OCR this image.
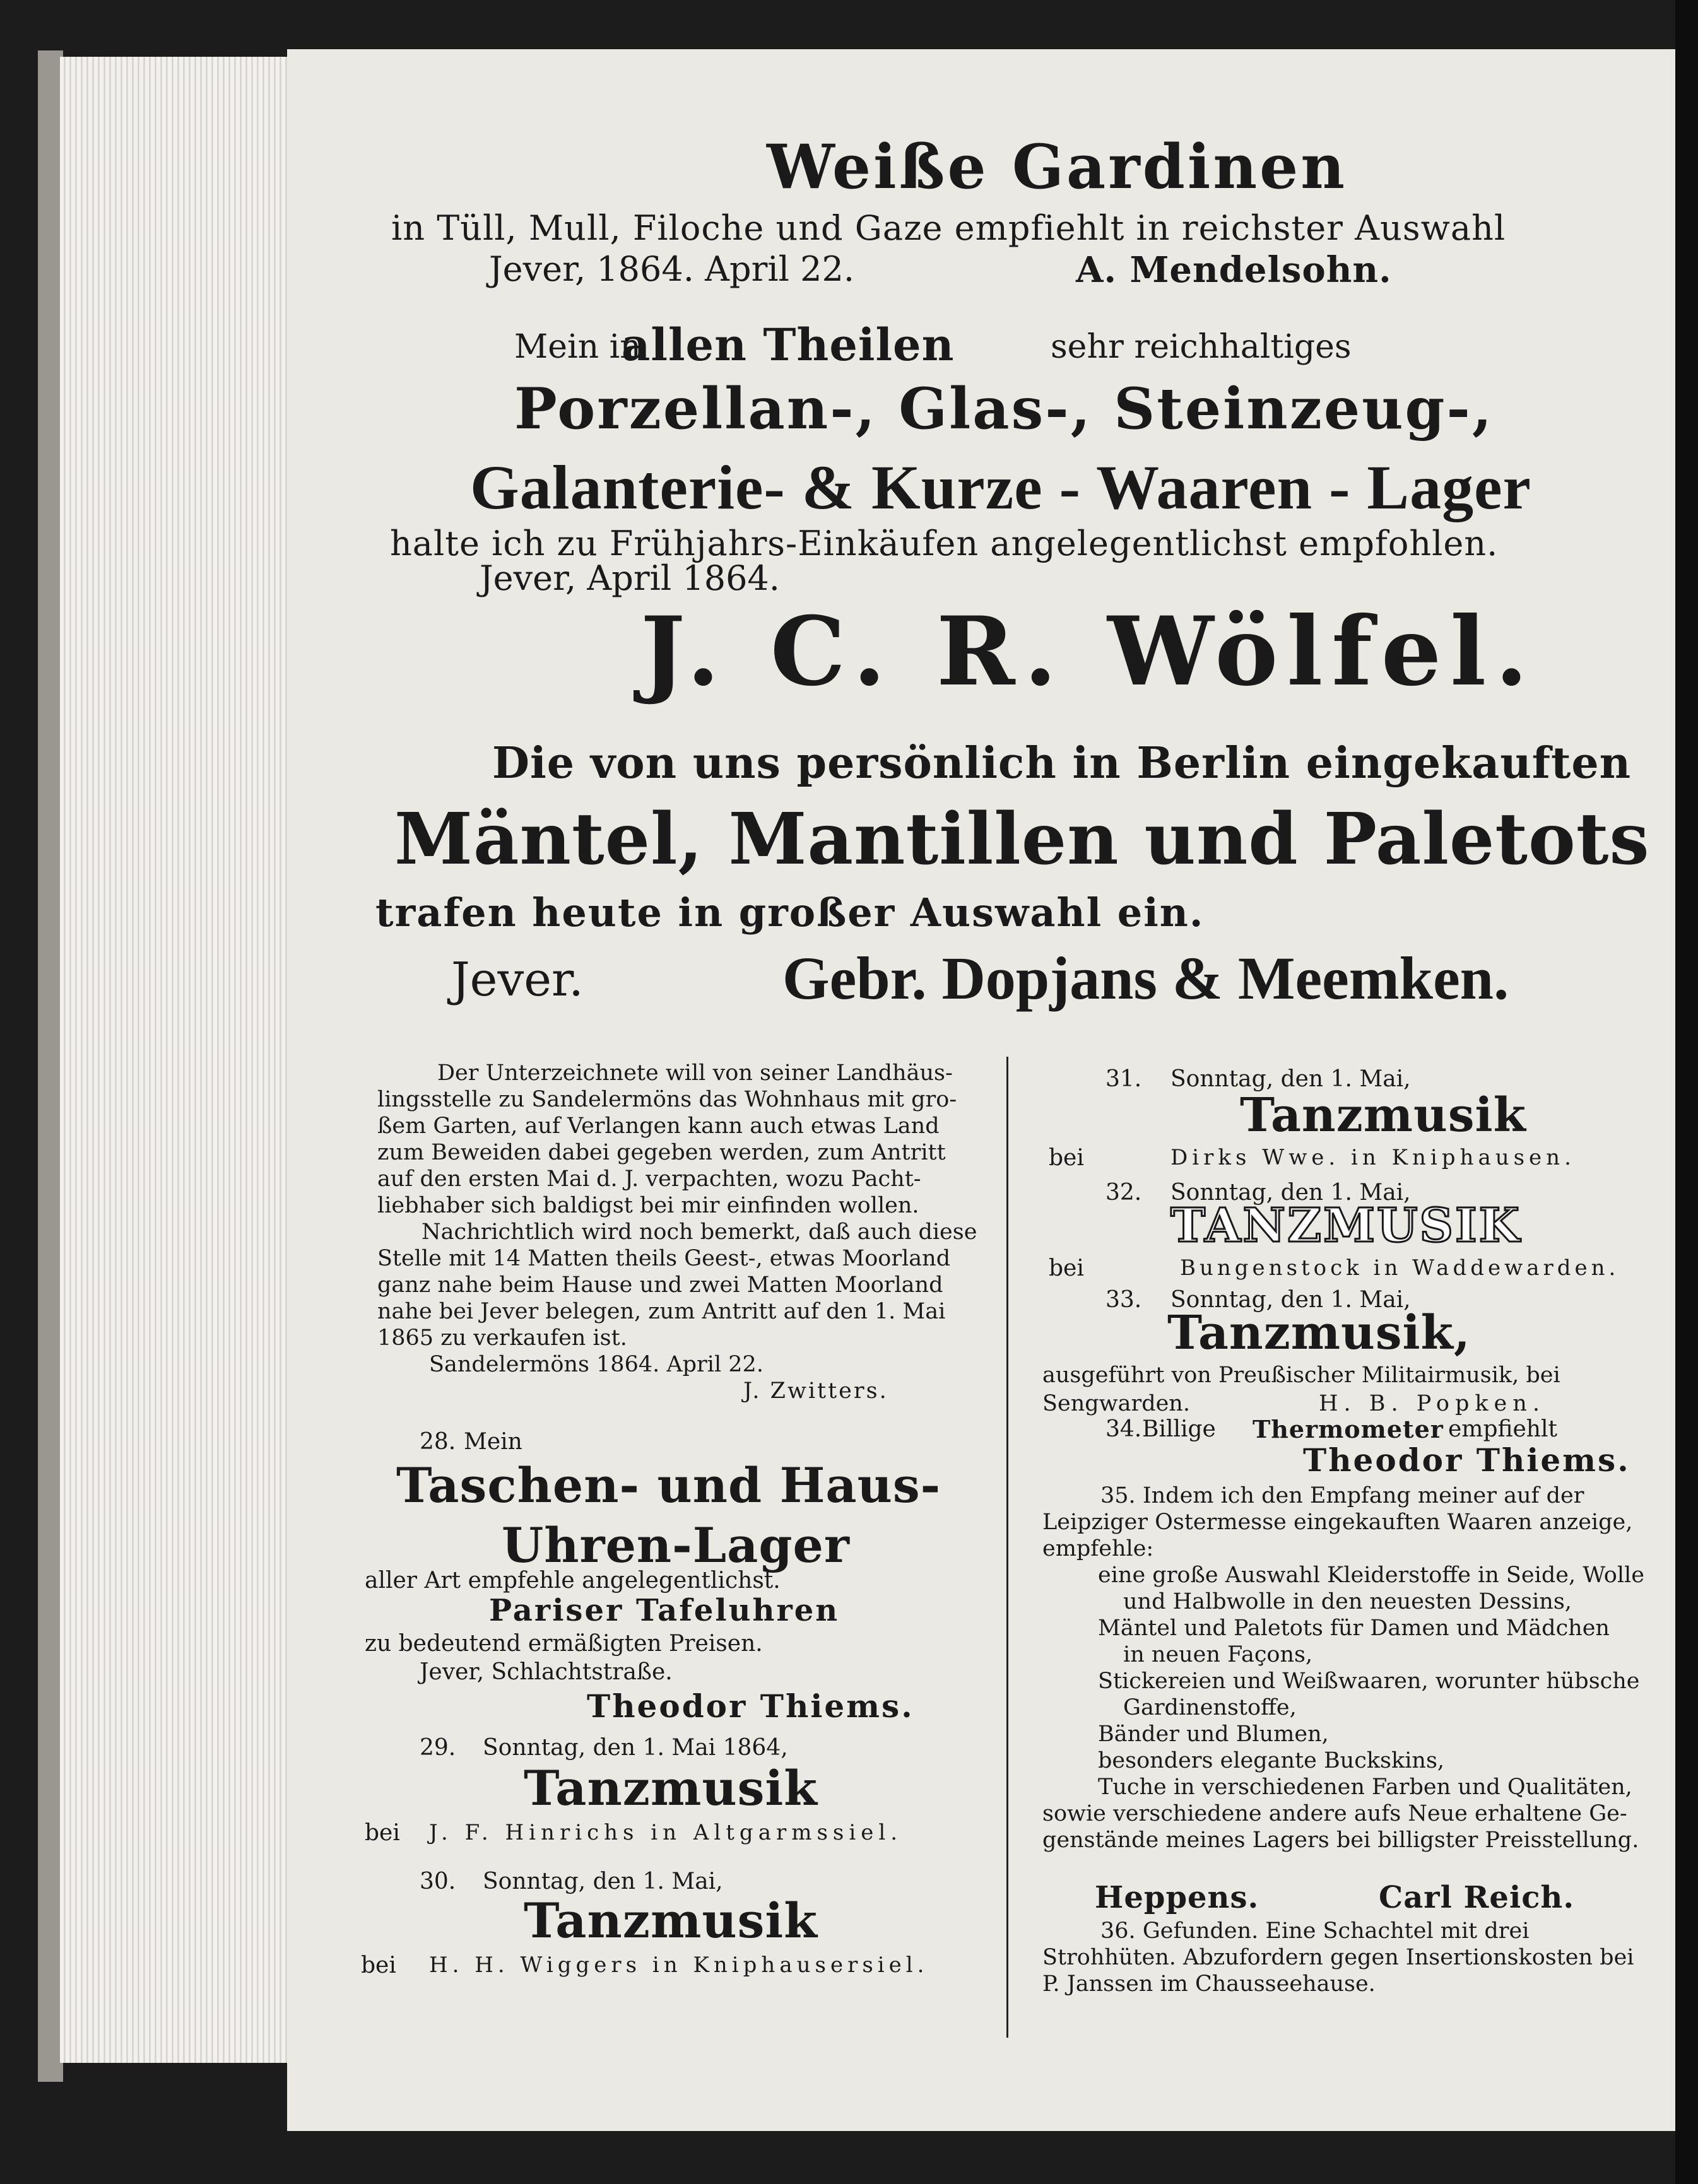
Weiße Gardinen
in Tüll, Mull, Filoche und Gaze empfiehlt in reichster Auswahl
Jever, 1864. April 22.	A. Mendelsohn.
Mein in
allen Theilen	sehr reichhaltiges
Porzellan-, Glas-, Steinzeug-,
Galanterie- & Kurze - Waaren - Lager
halte ich zu Frühjahrs-Einkäufen angelegentlichst empfohlen.
Jever, April 1864.
J. C. R. Wölfel.
Die von uns persönlich in Berlin eingekauften
Mäntel, Mantillen und Paletots
trafen heute in großer Auswahl ein.
Jever.	Gebr. Dopjans & Meemken.
Der Unterzeichnete will von seiner Landhäus-
lingsstelle zu Sandelermöns das Wohnhaus mit gro-
ßem Garten, auf Verlangen kann auch etwas Land
zum Beweiden dabei gegeben werden, zum Antritt
auf den ersten Mai d. J. verpachten, wozu Pacht-
liebhaber sich baldigst bei mir einfinden wollen.
Nachrichtlich wird noch bemerkt, daß auch diese
Stelle mit 14 Matten theils Geest-, etwas Moorland
ganz nahe beim Hause und zwei Matten Moorland
nahe bei Jever belegen, zum Antritt auf den 1. Mai
1865 zu verkaufen ist.
Sandelermöns 1864. April 22.
J. Zwitters.
28. Mein
Taschen- und Haus-
Uhren-Lager
aller Art empfehle angelegentlichst.
Pariser Tafeluhren
zu bedeutend ermäßigten Preisen.
Jever, Schlachtstraße.
Theodor Thiems.
29. Sonntag, den 1. Mai 1864,
Tanzmusik
bei J. F. Hinrichs in Altgarmssiel.
30. Sonntag, den 1. Mai,
Tanzmusik
bei H. H. Wiggers in Kniphausersiel.
31. Sonntag, den 1. Mai,
Tanzmusik
bei	Dirks Wwe. in Kniphausen.
32. Sonntag, den 1. Mai,
TANZMUSIK
bei	Bungenstock in Waddewarden.
33. Sonntag, den 1. Mai,
Tanzmusik,
ausgeführt von Preußischer Militairmusik, bei
Sengwarden.	H. B. Popken.
34. Billige Thermometer empfiehlt
Theodor Thiems.
35. Indem ich den Empfang meiner auf der
Leipziger Ostermesse eingekauften Waaren anzeige,
empfehle:
eine große Auswahl Kleiderstoffe in Seide, Wolle
und Halbwolle in den neuesten Dessins,
Mäntel und Paletots für Damen und Mädchen
in neuen Façons,
Stickereien und Weißwaaren, worunter hübsche
Gardinenstoffe,
Bänder und Blumen,
besonders elegante Buckskins,
Tuche in verschiedenen Farben und Qualitäten,
sowie verschiedene andere aufs Neue erhaltene Ge-
genstände meines Lagers bei billigster Preisstellung.
Heppens.	Carl Reich.
36. Gefunden. Eine Schachtel mit drei
Strohhüten. Abzufordern gegen Insertionskosten bei
P. Janssen im Chausseehause.
